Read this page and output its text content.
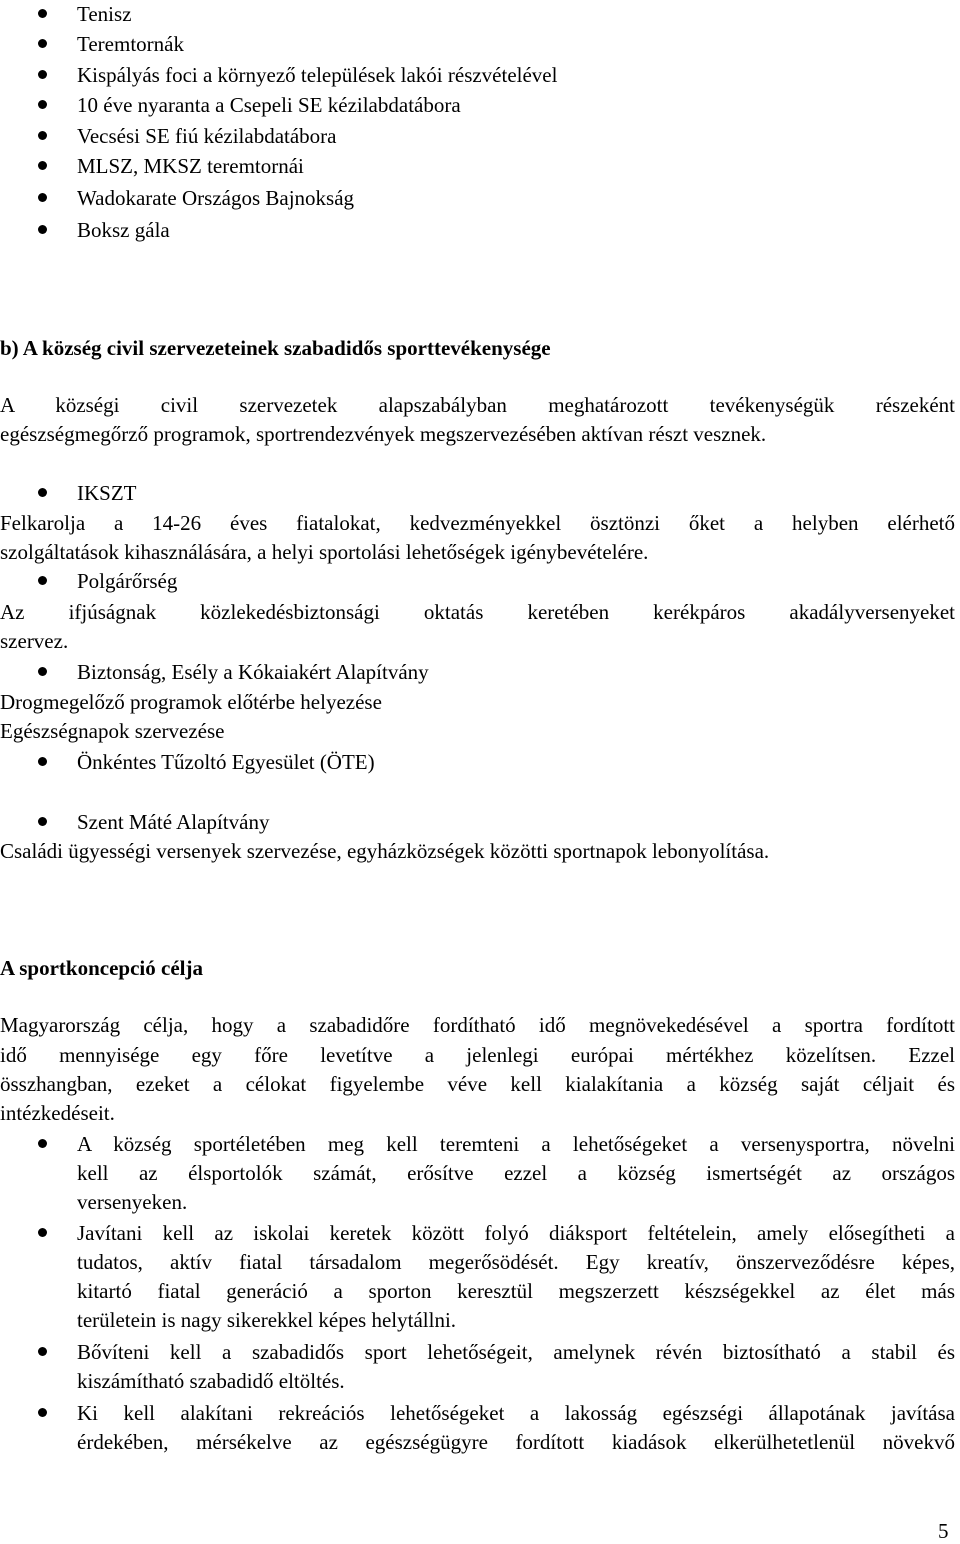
Tenisz
Teremtornák
Kispályás foci a környező települések lakói részvételével
10 éve nyaranta a Csepeli SE kézilabdatábora
Vecsési SE fiú kézilabdatábora
MLSZ, MKSZ teremtornái
Wadokarate Országos Bajnokság
Boksz gála
b) A község civil szervezeteinek szabadidős sporttevékenysége
A községi civil szervezetek alapszabályban meghatározott tevékenységük részeként
egészségmegőrző programok, sportrendezvények megszervezésében aktívan részt vesznek.
IKSZT
Felkarolja a 14-26 éves fiatalokat, kedvezményekkel ösztönzi őket a helyben elérhető
szolgáltatások kihasználására, a helyi sportolási lehetőségek igénybevételére.
Polgárőrség
Az ifjúságnak közlekedésbiztonsági oktatás keretében kerékpáros akadályversenyeket
szervez.
Biztonság, Esély a Kókaiakért Alapítvány
Drogmegelőző programok előtérbe helyezése
Egészségnapok szervezése
Önkéntes Tűzoltó Egyesület (ÖTE)
Szent Máté Alapítvány
Családi ügyességi versenyek szervezése, egyházközségek közötti sportnapok lebonyolítása.
A sportkoncepció célja
Magyarország célja, hogy a szabadidőre fordítható idő megnövekedésével a sportra fordított
idő mennyisége egy főre levetítve a jelenlegi európai mértékhez közelítsen. Ezzel
összhangban, ezeket a célokat figyelembe véve kell kialakítania a község saját céljait és
intézkedéseit.
A község sportéletében meg kell teremteni a lehetőségeket a versenysportra, növelni
kell az élsportolók számát, erősítve ezzel a község ismertségét az országos
versenyeken.
Javítani kell az iskolai keretek között folyó diáksport feltételein, amely elősegítheti a
tudatos, aktív fiatal társadalom megerősödését. Egy kreatív, önszerveződésre képes,
kitartó fiatal generáció a sporton keresztül megszerzett készségekkel az élet más
területein is nagy sikerekkel képes helytállni.
Bővíteni kell a szabadidős sport lehetőségeit, amelynek révén biztosítható a stabil és
kiszámítható szabadidő eltöltés.
Ki kell alakítani rekreációs lehetőségeket a lakosság egészségi állapotának javítása
érdekében, mérsékelve az egészségügyre fordított kiadások elkerülhetetlenül növekvő
5
